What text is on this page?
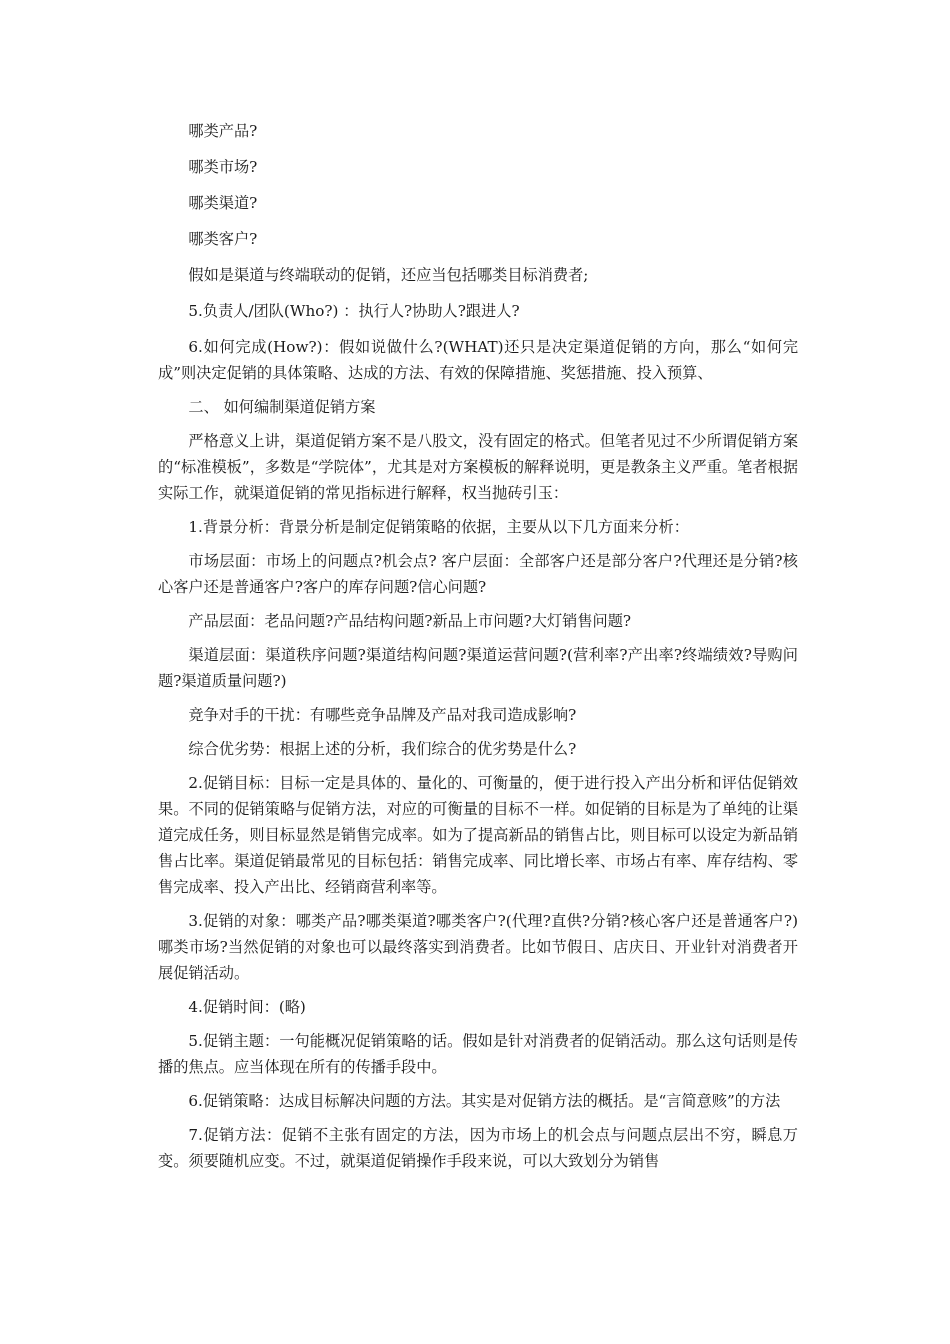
哪类产品?

哪类市场?

哪类渠道?

哪类客户?

假如是渠道与终端联动的促销，还应当包括哪类目标消费者;

5.负责人/团队(Who?) ：执行人?协助人?跟进人?

6.如何完成(How?)：假如说做什么?(WHAT)还只是决定渠道促销的方向，那么“如何完成”则决定促销的具体策略、达成的方法、有效的保障措施、奖惩措施、投入预算、

二、 如何编制渠道促销方案

严格意义上讲，渠道促销方案不是八股文，没有固定的格式。但笔者见过不少所谓促销方案的“标准模板”，多数是“学院体”，尤其是对方案模板的解释说明，更是教条主义严重。笔者根据实际工作，就渠道促销的常见指标进行解释，权当抛砖引玉：

1.背景分析：背景分析是制定促销策略的依据，主要从以下几方面来分析：

市场层面：市场上的问题点?机会点? 客户层面：全部客户还是部分客户?代理还是分销?核心客户还是普通客户?客户的库存问题?信心问题?

产品层面：老品问题?产品结构问题?新品上市问题?大灯销售问题?

渠道层面：渠道秩序问题?渠道结构问题?渠道运营问题?(营利率?产出率?终端绩效?导购问题?渠道质量问题?)

竞争对手的干扰：有哪些竞争品牌及产品对我司造成影响?

综合优劣势：根据上述的分析，我们综合的优劣势是什么?

2.促销目标：目标一定是具体的、量化的、可衡量的，便于进行投入产出分析和评估促销效果。不同的促销策略与促销方法，对应的可衡量的目标不一样。如促销的目标是为了单纯的让渠道完成任务，则目标显然是销售完成率。如为了提高新品的销售占比，则目标可以设定为新品销售占比率。渠道促销最常见的目标包括：销售完成率、同比增长率、市场占有率、库存结构、零售完成率、投入产出比、经销商营利率等。

3.促销的对象：哪类产品?哪类渠道?哪类客户?(代理?直供?分销?核心客户还是普通客户?)哪类市场?当然促销的对象也可以最终落实到消费者。比如节假日、店庆日、开业针对消费者开展促销活动。

4.促销时间：(略)

5.促销主题：一句能概况促销策略的话。假如是针对消费者的促销活动。那么这句话则是传播的焦点。应当体现在所有的传播手段中。

6.促销策略：达成目标解决问题的方法。其实是对促销方法的概括。是“言简意赅”的方法

7.促销方法：促销不主张有固定的方法，因为市场上的机会点与问题点层出不穷，瞬息万变。须要随机应变。不过，就渠道促销操作手段来说，可以大致划分为销售
